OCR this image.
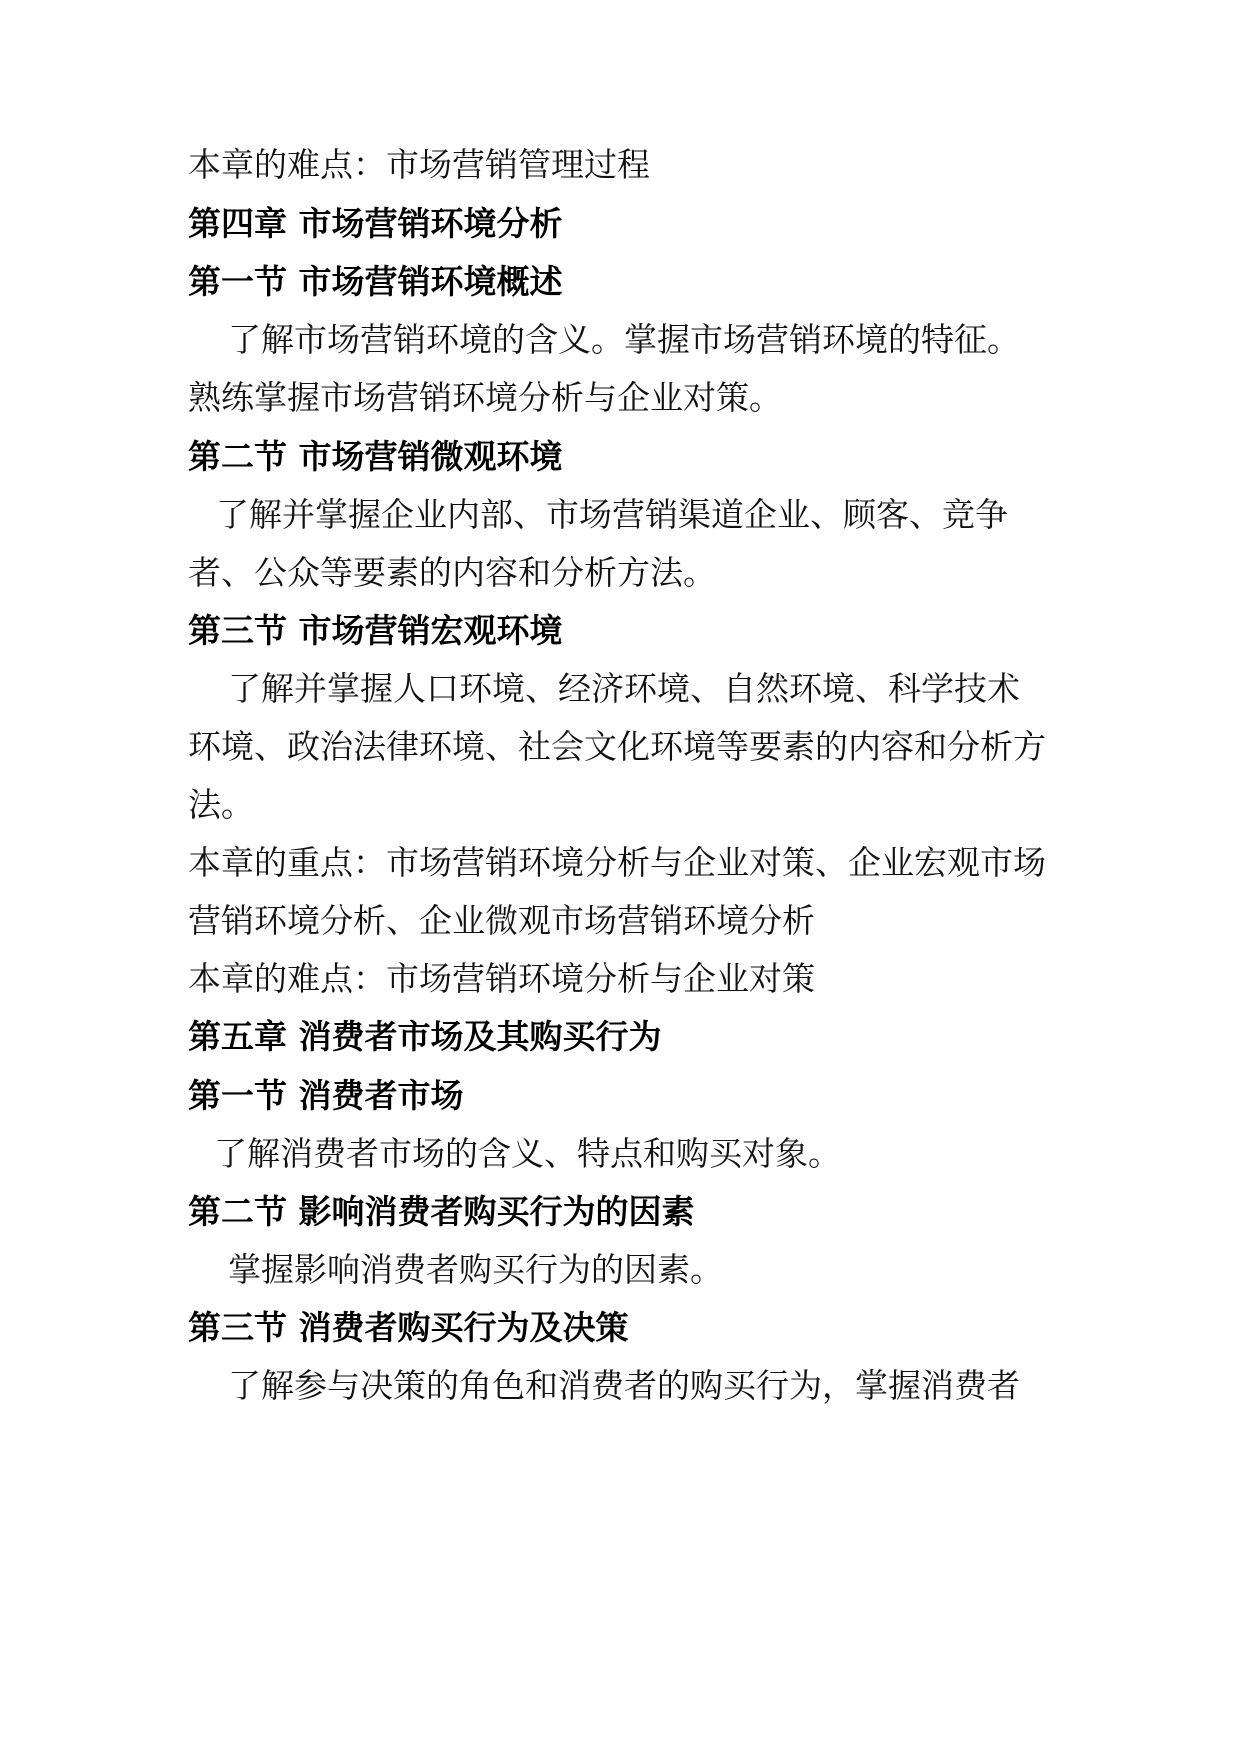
本章的难点：市场营销管理过程
第四章 市场营销环境分析
第一节 市场营销环境概述
了解市场营销环境的含义。掌握市场营销环境的特征。
熟练掌握市场营销环境分析与企业对策。
第二节 市场营销微观环境
了解并掌握企业内部、市场营销渠道企业、顾客、竞争
者、公众等要素的内容和分析方法。
第三节 市场营销宏观环境
了解并掌握人口环境、经济环境、自然环境、科学技术
环境、政治法律环境、社会文化环境等要素的内容和分析方
法。
本章的重点：市场营销环境分析与企业对策、企业宏观市场
营销环境分析、企业微观市场营销环境分析
本章的难点：市场营销环境分析与企业对策
第五章 消费者市场及其购买行为
第一节 消费者市场
了解消费者市场的含义、特点和购买对象。
第二节 影响消费者购买行为的因素
掌握影响消费者购买行为的因素。
第三节 消费者购买行为及决策
了解参与决策的角色和消费者的购买行为，掌握消费者
